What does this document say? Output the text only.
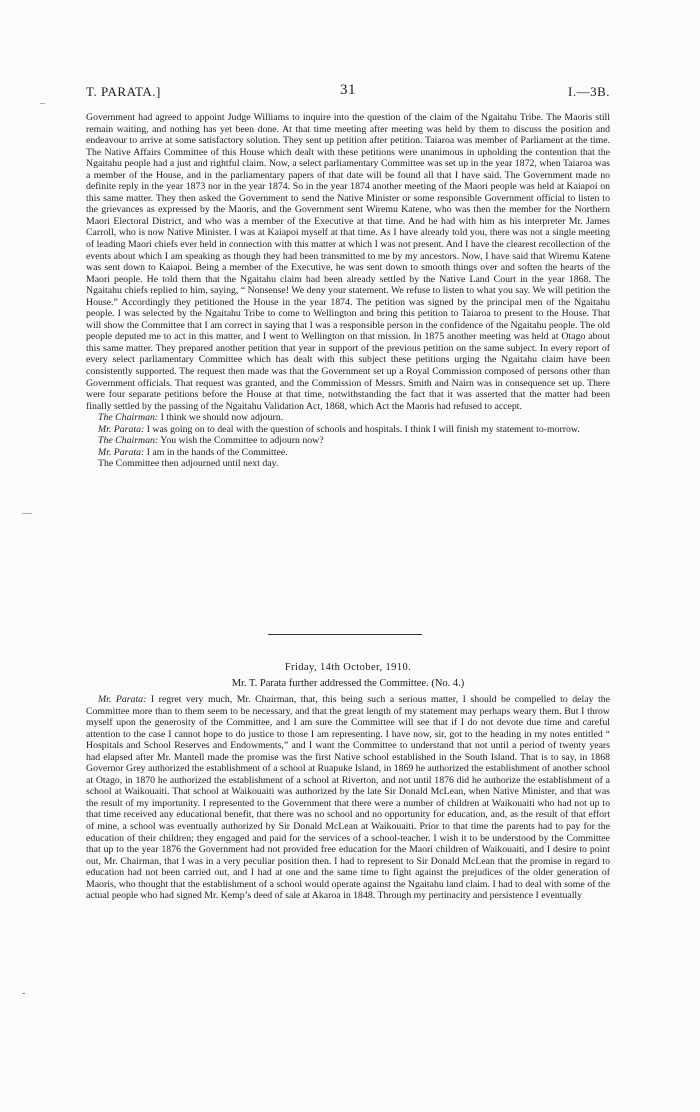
T. PARATA.]	31	I.—3B.
–
—
-

Government had agreed to appoint Judge Williams to inquire into the question of the claim of the Ngaitahu Tribe. The Maoris still remain waiting, and nothing has yet been done. At that time meeting after meeting was held by them to discuss the position and endeavour to arrive at some satisfactory solution. They sent up petition after petition. Taiaroa was member of Parliament at the time. The Native Affairs Committee of this House which dealt with these petitions were unanimous in upholding the contention that the Ngaitahu people had a just and rightful claim. Now, a select parliamentary Committee was set up in the year 1872, when Taiaroa was a member of the House, and in the parliamentary papers of that date will be found all that I have said. The Government made no definite reply in the year 1873 nor in the year 1874. So in the year 1874 another meeting of the Maori people was held at Kaiapoi on this same matter. They then asked the Government to send the Native Minister or some responsible Government official to listen to the grievances as expressed by the Maoris, and the Government sent Wiremu Katene, who was then the member for the Northern Maori Electoral District, and who was a member of the Executive at that time. And he had with him as his interpreter Mr. James Carroll, who is now Native Minister. I was at Kaiapoi myself at that time. As I have already told you, there was not a single meeting of leading Maori chiefs ever held in connection with this matter at which I was not present. And I have the clearest recollection of the events about which I am speaking as though they had been transmitted to me by my ancestors. Now, I have said that Wiremu Katene was sent down to Kaiapoi. Being a member of the Executive, he was sent down to smooth things over and soften the hearts of the Maori people. He told them that the Ngaitahu claim had been already settled by the Native Land Court in the year 1868. The Ngaitahu chiefs replied to him, saying, “ Nonsense! We deny your statement. We refuse to listen to what you say. We will petition the House.” Accordingly they petitioned the House in the year 1874. The petition was signed by the principal men of the Ngaitahu people. I was selected by the Ngaitahu Tribe to come to Wellington and bring this petition to Taiaroa to present to the House. That will show the Committee that I am correct in saying that I was a responsible person in the confidence of the Ngaitahu people. The old people deputed me to act in this matter, and I went to Wellington on that mission. In 1875 another meeting was held at Otago about this same matter. They prepared another petition that year in support of the previous petition on the same subject. In every report of every select parliamentary Committee which has dealt with this subject these petitions urging the Ngaitahu claim have been consistently supported. The request then made was that the Government set up a Royal Commission composed of persons other than Government officials. That request was granted, and the Commission of Messrs. Smith and Nairn was in consequence set up. There were four separate petitions before the House at that time, notwithstanding the fact that it was asserted that the matter had been finally settled by the passing of the Ngaitahu Validation Act, 1868, which Act the Maoris had refused to accept.

The Chairman: I think we should now adjourn.

Mr. Parata: I was going on to deal with the question of schools and hospitals. I think I will finish my statement to-morrow.

The Chairman: You wish the Committee to adjourn now?

Mr. Parata: I am in the hands of the Committee.

The Committee then adjourned until next day.

Friday, 14th October, 1910.
Mr. T. Parata further addressed the Committee. (No. 4.)

Mr. Parata: I regret very much, Mr. Chairman, that, this being such a serious matter, I should be compelled to delay the Committee more than to them seem to be necessary, and that the great length of my statement may perhaps weary them. But I throw myself upon the generosity of the Committee, and I am sure the Committee will see that if I do not devote due time and careful attention to the case I cannot hope to do justice to those I am representing. I have now, sir, got to the heading in my notes entitled “ Hospitals and School Reserves and Endowments,” and I want the Committee to understand that not until a period of twenty years had elapsed after Mr. Mantell made the promise was the first Native school established in the South Island. That is to say, in 1868 Governor Grey authorized the establishment of a school at Ruapuke Island, in 1869 he authorized the establishment of another school at Otago, in 1870 he authorized the establishment of a school at Riverton, and not until 1876 did he authorize the establishment of a school at Waikouaiti. That school at Waikouaiti was authorized by the late Sir Donald McLean, when Native Minister, and that was the result of my importunity. I represented to the Government that there were a number of children at Waikouaiti who had not up to that time received any educational benefit, that there was no school and no opportunity for education, and, as the result of that effort of mine, a school was eventually authorized by Sir Donald McLean at Waikouaiti. Prior to that time the parents had to pay for the education of their children; they engaged and paid for the services of a school-teacher. I wish it to be understood by the Committee that up to the year 1876 the Government had not provided free education for the Maori children of Waikouaiti, and I desire to point out, Mr. Chairman, that I was in a very peculiar position then. I had to represent to Sir Donald McLean that the promise in regard to education had not been carried out, and I had at one and the same time to fight against the prejudices of the older generation of Maoris, who thought that the establishment of a school would operate against the Ngaitahu land claim. I had to deal with some of the actual people who had signed Mr. Kemp’s deed of sale at Akaroa in 1848. Through my pertinacity and persistence I eventually
